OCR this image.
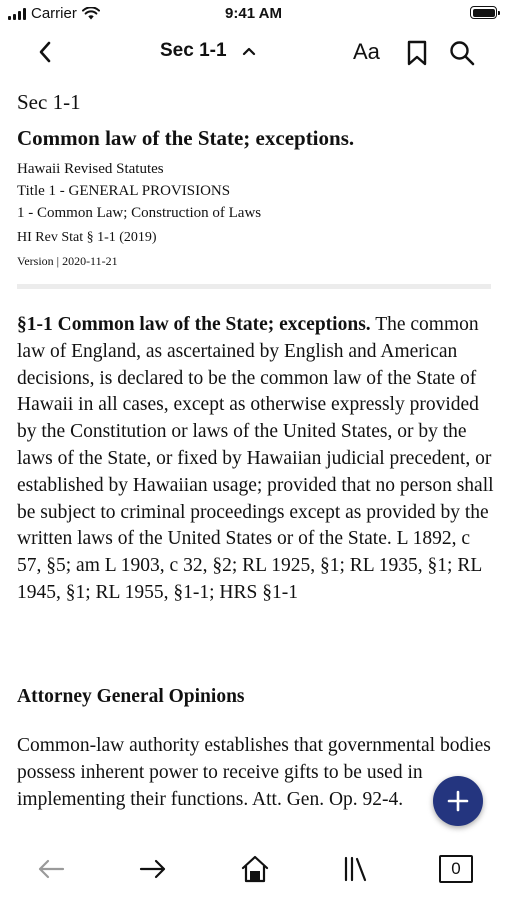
Carrier	9:41 AM
Sec 1-1	Aa
Sec 1-1
Common law of the State; exceptions.
Hawaii Revised Statutes
Title 1 - GENERAL PROVISIONS
1 - Common Law; Construction of Laws
HI Rev Stat § 1-1 (2019)
Version | 2020-11-21
§1-1 Common law of the State; exceptions. The common law of England, as ascertained by English and American decisions, is declared to be the common law of the State of Hawaii in all cases, except as otherwise expressly provided by the Constitution or laws of the United States, or by the laws of the State, or fixed by Hawaiian judicial precedent, or established by Hawaiian usage; provided that no person shall be subject to criminal proceedings except as provided by the written laws of the United States or of the State. L 1892, c 57, §5; am L 1903, c 32, §2; RL 1925, §1; RL 1935, §1; RL 1945, §1; RL 1955, §1-1; HRS §1-1
Attorney General Opinions
Common-law authority establishes that governmental bodies possess inherent power to receive gifts to be used in implementing their functions. Att. Gen. Op. 92-4.
0
